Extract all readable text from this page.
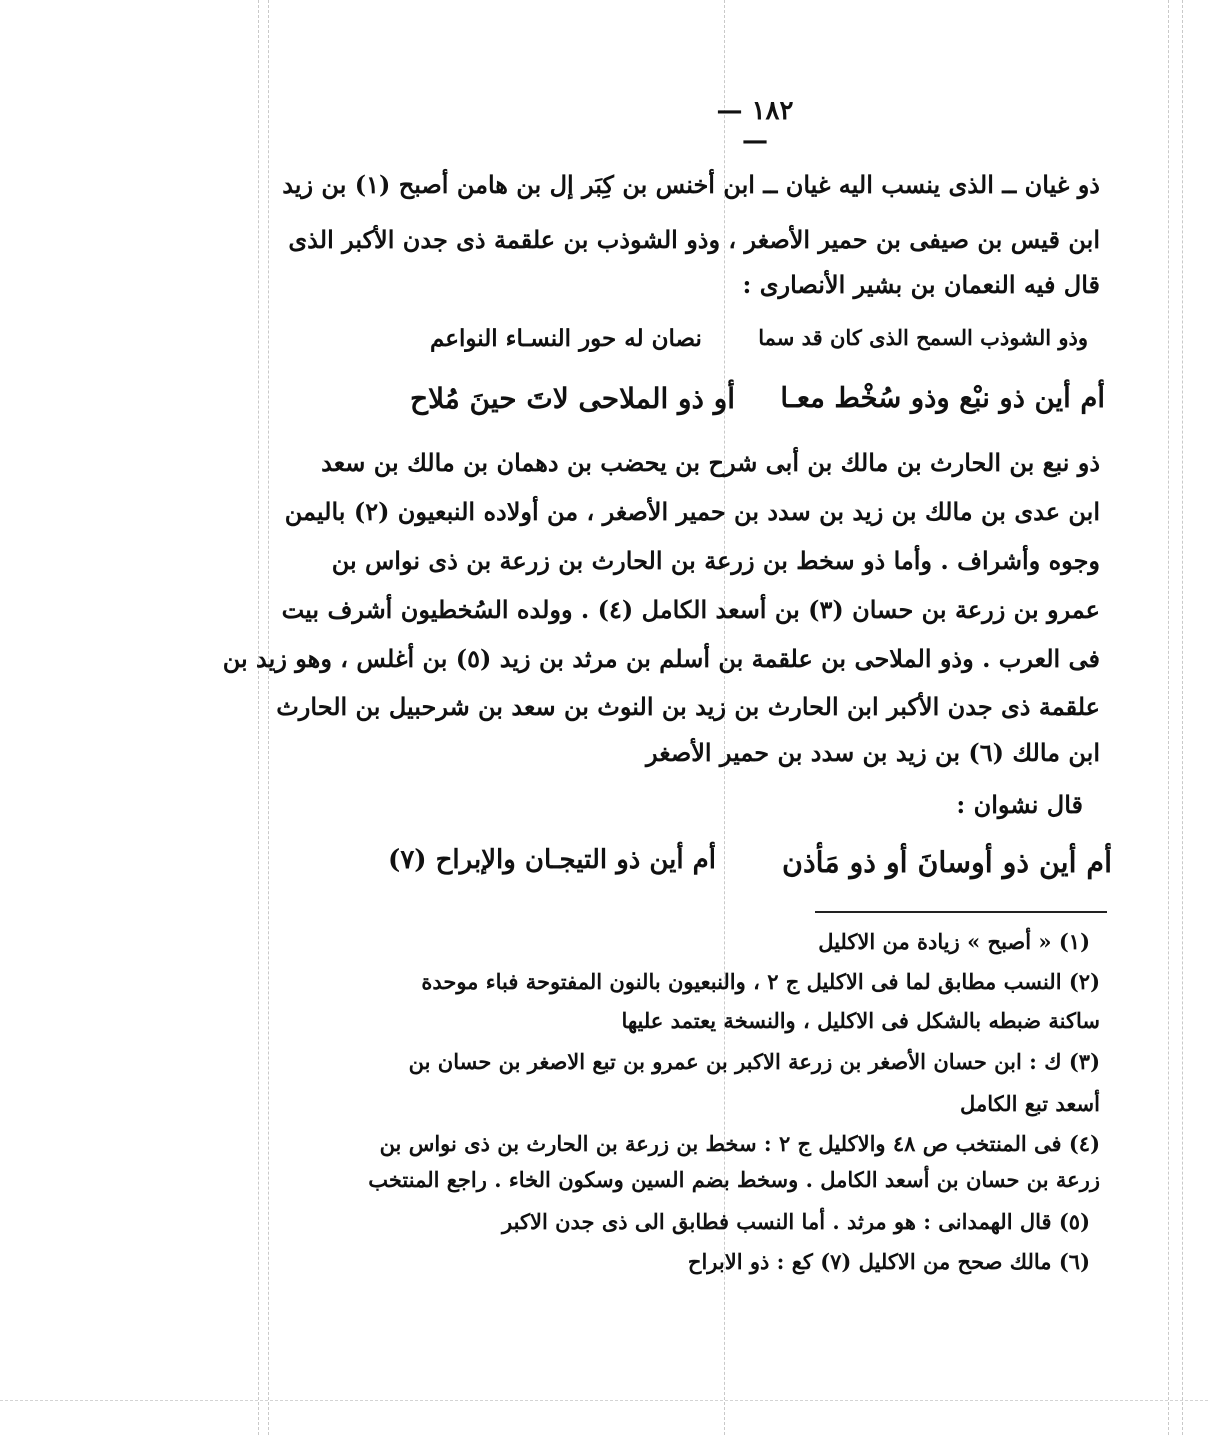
— ١٨٢ —
ذو غيان ــ الذى ينسب اليه غيان ــ ابن أخنس بن كِبَر إل بن هامن أصبح (١) بن زيد
ابن قيس بن صيفى بن حمير الأصغر ، وذو الشوذب بن علقمة ذى جدن الأكبر الذى
قال فيه النعمان بن بشير الأنصارى :
وذو الشوذب السمح الذى كان قد سما
نصان له حور النسـاء النواعم
أم أين ذو نبْع وذو سُخْط معـا
أو ذو الملاحى لاتَ حينَ مُلاح
ذو نبع بن الحارث بن مالك بن أبى شرح بن يحضب بن دهمان بن مالك بن سعد
ابن عدى بن مالك بن زيد بن سدد بن حمير الأصغر ، من أولاده النبعيون (٢) باليمن
وجوه وأشراف . وأما ذو سخط بن زرعة بن الحارث بن زرعة بن ذى نواس بن
عمرو بن زرعة بن حسان (٣) بن أسعد الكامل (٤) . وولده السُخطيون أشرف بيت
فى العرب . وذو الملاحى بن علقمة بن أسلم بن مرثد بن زيد (٥) بن أغلس ، وهو زيد بن
علقمة ذى جدن الأكبر ابن الحارث بن زيد بن النوث بن سعد بن شرحبيل بن الحارث
ابن مالك (٦) بن زيد بن سدد بن حمير الأصغر
قال نشوان :
أم أين ذو أوسانَ أو ذو مَأذن
أم أين ذو التيجـان والإبراح (٧)
(١) « أصبح » زيادة من الاكليل
(٢) النسب مطابق لما فى الاكليل ج ٢ ، والنبعيون بالنون المفتوحة فباء موحدة
ساكنة ضبطه بالشكل فى الاكليل ، والنسخة يعتمد عليها
(٣) ك : ابن حسان الأصغر بن زرعة الاكبر بن عمرو بن تبع الاصغر بن حسان بن
أسعد تبع الكامل
(٤) فى المنتخب ص ٤٨ والاكليل ج ٢ : سخط بن زرعة بن الحارث بن ذى نواس بن
زرعة بن حسان بن أسعد الكامل . وسخط بضم السين وسكون الخاء . راجع المنتخب
(٥) قال الهمدانى : هو مرثد . أما النسب فطابق الى ذى جدن الاكبر
(٦) مالك صحح من الاكليل (٧) كع : ذو الابراح
